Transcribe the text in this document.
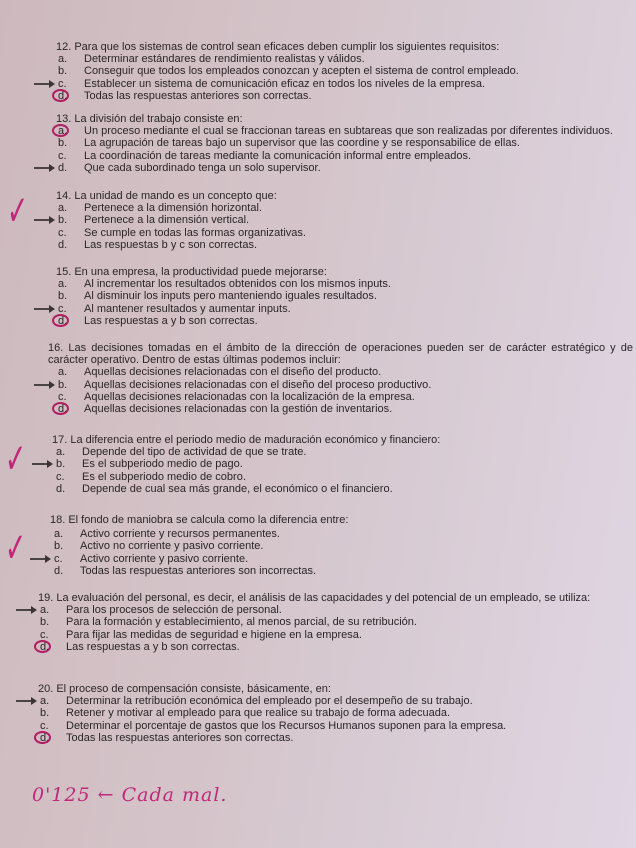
12. Para que los sistemas de control sean eficaces deben cumplir los siguientes requisitos:
a.	Determinar estándares de rendimiento realistas y válidos.
b.	Conseguir que todos los empleados conozcan y acepten el sistema de control empleado.
c.	Establecer un sistema de comunicación eficaz en todos los niveles de la empresa.
d.	Todas las respuestas anteriores son correctas.
13. La división del trabajo consiste en:
a.	Un proceso mediante el cual se fraccionan tareas en subtareas que son realizadas por diferentes individuos.
b.	La agrupación de tareas bajo un supervisor que las coordine y se responsabilice de ellas.
c.	La coordinación de tareas mediante la comunicación informal entre empleados.
d.	Que cada subordinado tenga un solo supervisor.
✓	14. La unidad de mando es un concepto que:
a.	Pertenece a la dimensión horizontal.
b.	Pertenece a la dimensión vertical.
c.	Se cumple en todas las formas organizativas.
d.	Las respuestas b y c son correctas.
15. En una empresa, la productividad puede mejorarse:
a.	Al incrementar los resultados obtenidos con los mismos inputs.
b.	Al disminuir los inputs pero manteniendo iguales resultados.
c.	Al mantener resultados y aumentar inputs.
d.	Las respuestas a y b son correctas.
16. Las decisiones tomadas en el ámbito de la dirección de operaciones pueden ser de carácter estratégico y de carácter operativo. Dentro de estas últimas podemos incluir:
a.	Aquellas decisiones relacionadas con el diseño del producto.
b.	Aquellas decisiones relacionadas con el diseño del proceso productivo.
c.	Aquellas decisiones relacionadas con la localización de la empresa.
d.	Aquellas decisiones relacionadas con la gestión de inventarios.
✓ 17. La diferencia entre el periodo medio de maduración económico y financiero:
a.	Depende del tipo de actividad de que se trate.
b.	Es el subperiodo medio de pago.
c.	Es el subperiodo medio de cobro.
d.	Depende de cual sea más grande, el económico o el financiero.
✓
18. El fondo de maniobra se calcula como la diferencia entre:
a.	Activo corriente y recursos permanentes.
b.	Activo no corriente y pasivo corriente.
c.	Activo corriente y pasivo corriente.
d.	Todas las respuestas anteriores son incorrectas.
19. La evaluación del personal, es decir, el análisis de las capacidades y del potencial de un empleado, se utiliza:
a.	Para los procesos de selección de personal.
b.	Para la formación y establecimiento, al menos parcial, de su retribución.
c.	Para fijar las medidas de seguridad e higiene en la empresa.
d.	Las respuestas a y b son correctas.
20. El proceso de compensación consiste, básicamente, en:
a.	Determinar la retribución económica del empleado por el desempeño de su trabajo.
b.	Retener y motivar al empleado para que realice su trabajo de forma adecuada.
c.	Determinar el porcentaje de gastos que los Recursos Humanos suponen para la empresa.
d.	Todas las respuestas anteriores son correctas.
0'125 ← Cada mal.
